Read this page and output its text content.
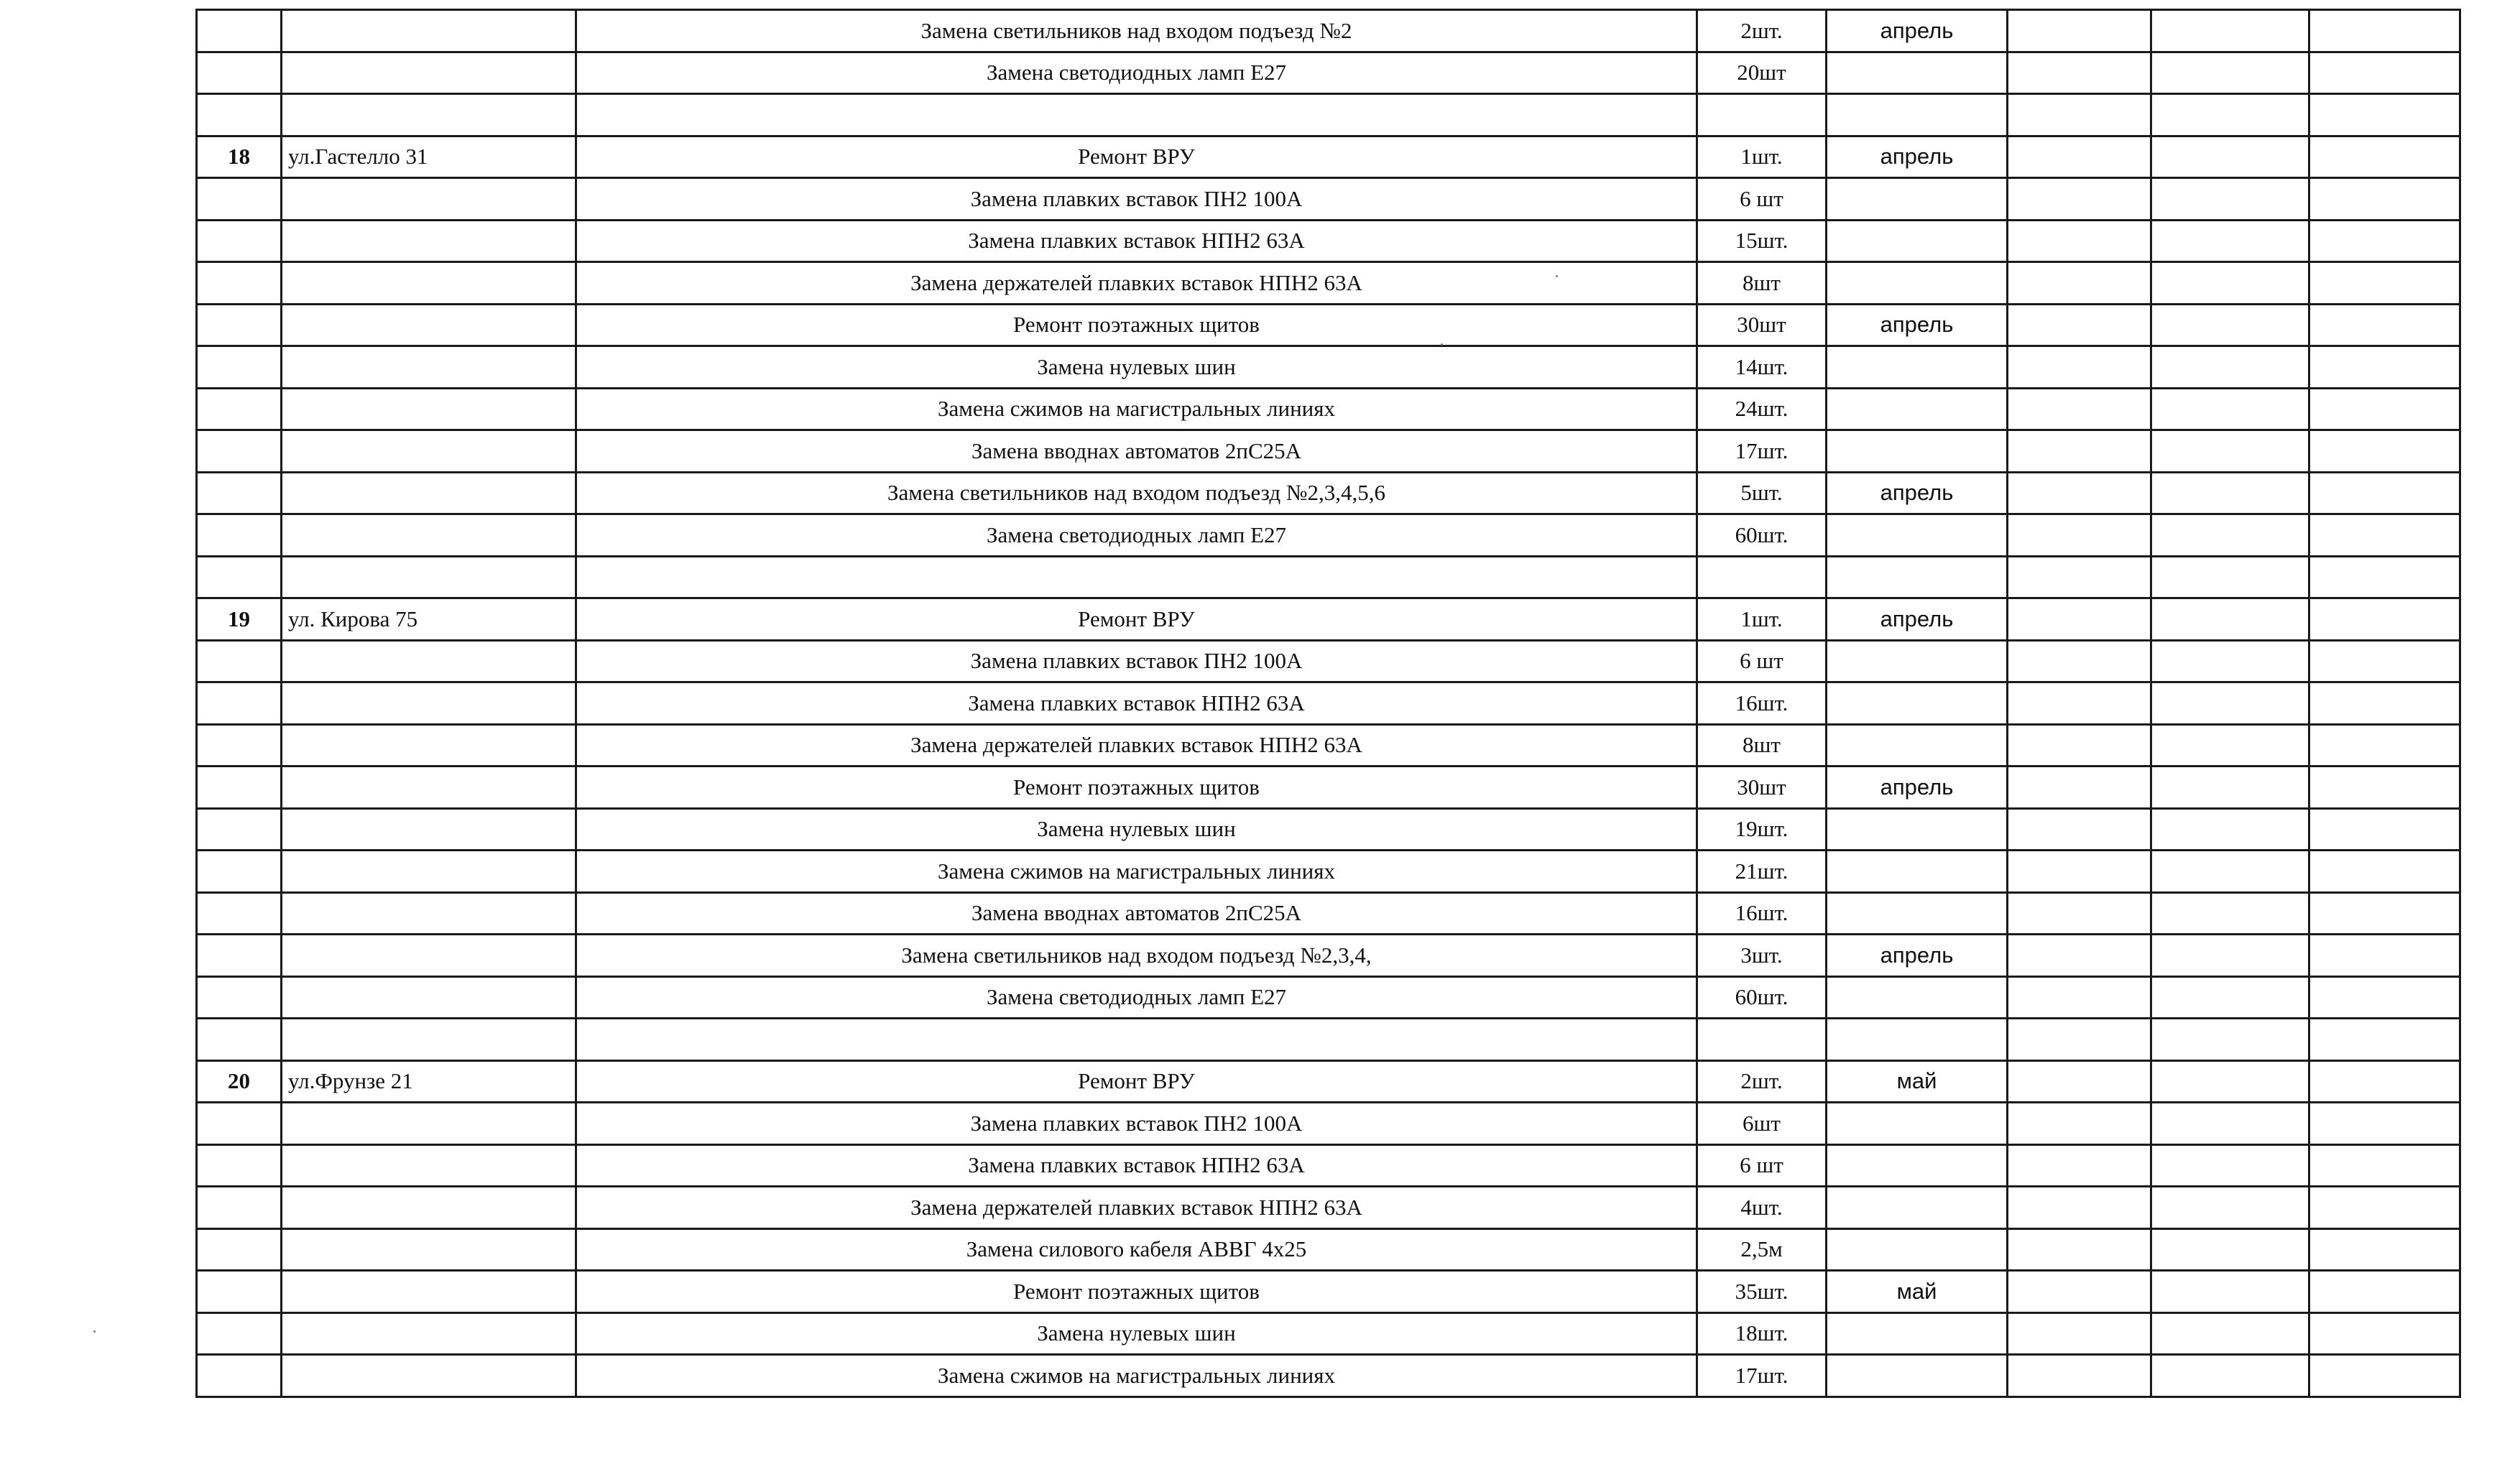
		Замена светильников над входом подъезд №2	2шт.	апрель			
		Замена светодиодных ламп Е27	20шт				

18	ул.Гастелло 31	Ремонт ВРУ	1шт.	апрель			
		Замена плавких вставок ПН2 100А	6 шт				
		Замена плавких вставок НПН2 63А	15шт.				
		Замена держателей плавких вставок НПН2 63А	8шт				
		Ремонт поэтажных щитов	30шт	апрель			
		Замена нулевых шин	14шт.				
		Замена сжимов на магистральных линиях	24шт.				
		Замена вводнах автоматов 2пС25А	17шт.				
		Замена светильников над входом подъезд №2,3,4,5,6	5шт.	апрель			
		Замена светодиодных ламп Е27	60шт.				

19	ул. Кирова 75	Ремонт ВРУ	1шт.	апрель			
		Замена плавких вставок ПН2 100А	6 шт				
		Замена плавких вставок НПН2 63А	16шт.				
		Замена держателей плавких вставок НПН2 63А	8шт				
		Ремонт поэтажных щитов	30шт	апрель			
		Замена нулевых шин	19шт.				
		Замена сжимов на магистральных линиях	21шт.				
		Замена вводнах автоматов 2пС25А	16шт.				
		Замена светильников над входом подъезд №2,3,4,	3шт.	апрель			
		Замена светодиодных ламп Е27	60шт.				

20	ул.Фрунзе 21	Ремонт ВРУ	2шт.	май			
		Замена плавких вставок ПН2 100А	6шт				
		Замена плавких вставок НПН2 63А	6 шт				
		Замена держателей плавких вставок НПН2 63А	4шт.				
		Замена силового кабеля АВВГ 4х25	2,5м				
		Ремонт поэтажных щитов	35шт.	май			
		Замена нулевых шин	18шт.				
		Замена сжимов на магистральных линиях	17шт.				
